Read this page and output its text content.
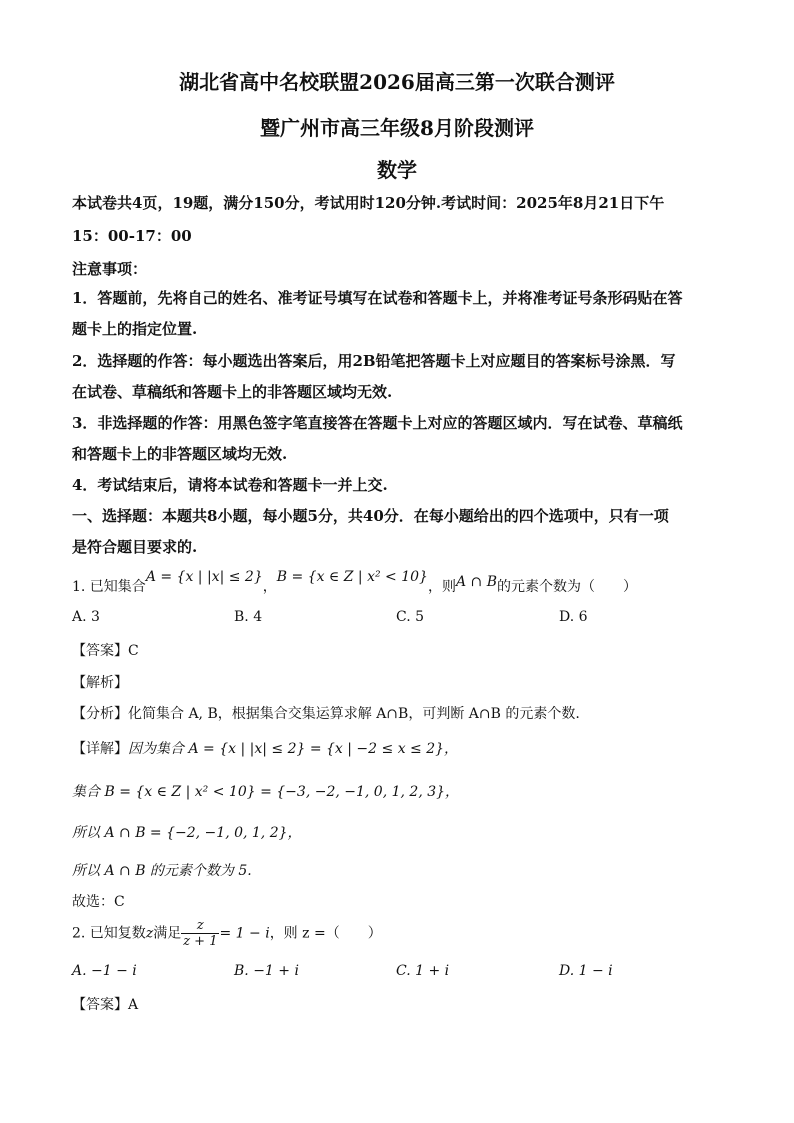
湖北省高中名校联盟2026届高三第一次联合测评
暨广州市高三年级8月阶段测评
数学
本试卷共4页，19题，满分150分，考试用时120分钟.考试时间：2025年8月21日下午
15：00-17：00
注意事项：
1．答题前，先将自己的姓名、准考证号填写在试卷和答题卡上，并将准考证号条形码贴在答
题卡上的指定位置.
2．选择题的作答：每小题选出答案后，用2B铅笔把答题卡上对应题目的答案标号涂黑．写
在试卷、草稿纸和答题卡上的非答题区域均无效.
3．非选择题的作答：用黑色签字笔直接答在答题卡上对应的答题区域内．写在试卷、草稿纸
和答题卡上的非答题区域均无效.
4．考试结束后，请将本试卷和答题卡一并上交.
一、选择题：本题共8小题，每小题5分，共40分．在每小题给出的四个选项中，只有一项
是符合题目要求的.
1. 已知集合A = {x | |x| ≤ 2}，B = {x ∈ Z | x² < 10}，则A ∩ B的元素个数为（　　）
A. 3	B. 4	C. 5	D. 6
【答案】C
【解析】
【分析】化简集合 A, B，根据集合交集运算求解 A∩B，可判断 A∩B 的元素个数.
【详解】因为集合 A = {x | |x| ≤ 2} = {x | −2 ≤ x ≤ 2}，
集合 B = {x ∈ Z | x² < 10} = {−3, −2, −1, 0, 1, 2, 3}，
所以 A ∩ B = {−2, −1, 0, 1, 2}，
所以 A ∩ B 的元素个数为 5.
故选：C
2. 已知复数z满足 $\frac{z}{z + 1} = 1 - i$，则 z =（　　）
A. −1 − i	B. −1 + i	C. 1 + i	D. 1 − i
【答案】A
